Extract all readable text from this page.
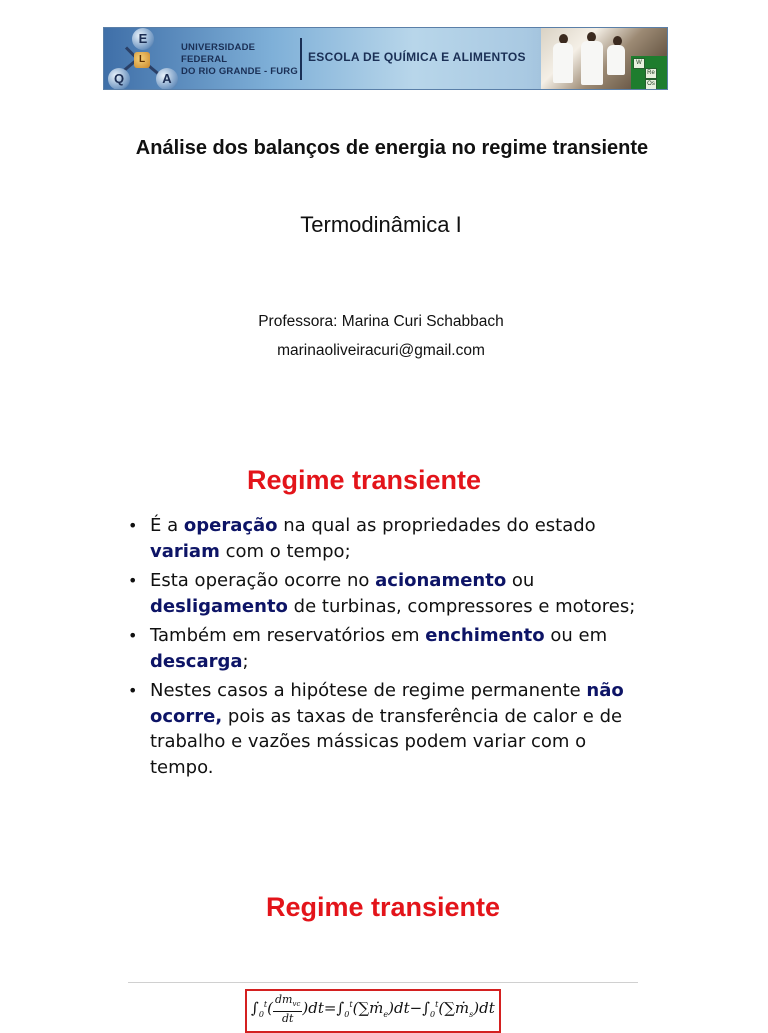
E
Q	A
L
UNIVERSIDADE FEDERAL
DO RIO GRANDE - FURG
ESCOLA DE QUÍMICA E ALIMENTOS	W
Re
Os
Análise dos balanços de energia no regime transiente
Termodinâmica I
Professora: Marina Curi Schabbach
marinaoliveiracuri@gmail.com
Regime transiente
• É a operação na qual as propriedades do estado variam com o tempo;
• Esta operação ocorre no acionamento ou desligamento de turbinas, compressores e motores;
• Também em reservatórios em enchimento ou em descarga;
• Nestes casos a hipótese de regime permanente não ocorre, pois as taxas de transferência de calor e de trabalho e vazões mássicas podem variar com o tempo.
Regime transiente
$\int_0^t( \frac{dm_{vc}}{dt}$ )$dt=\int_0^t(\sum ṁ_e)dt-\int_0^t(\sum ṁ_s)dt$
